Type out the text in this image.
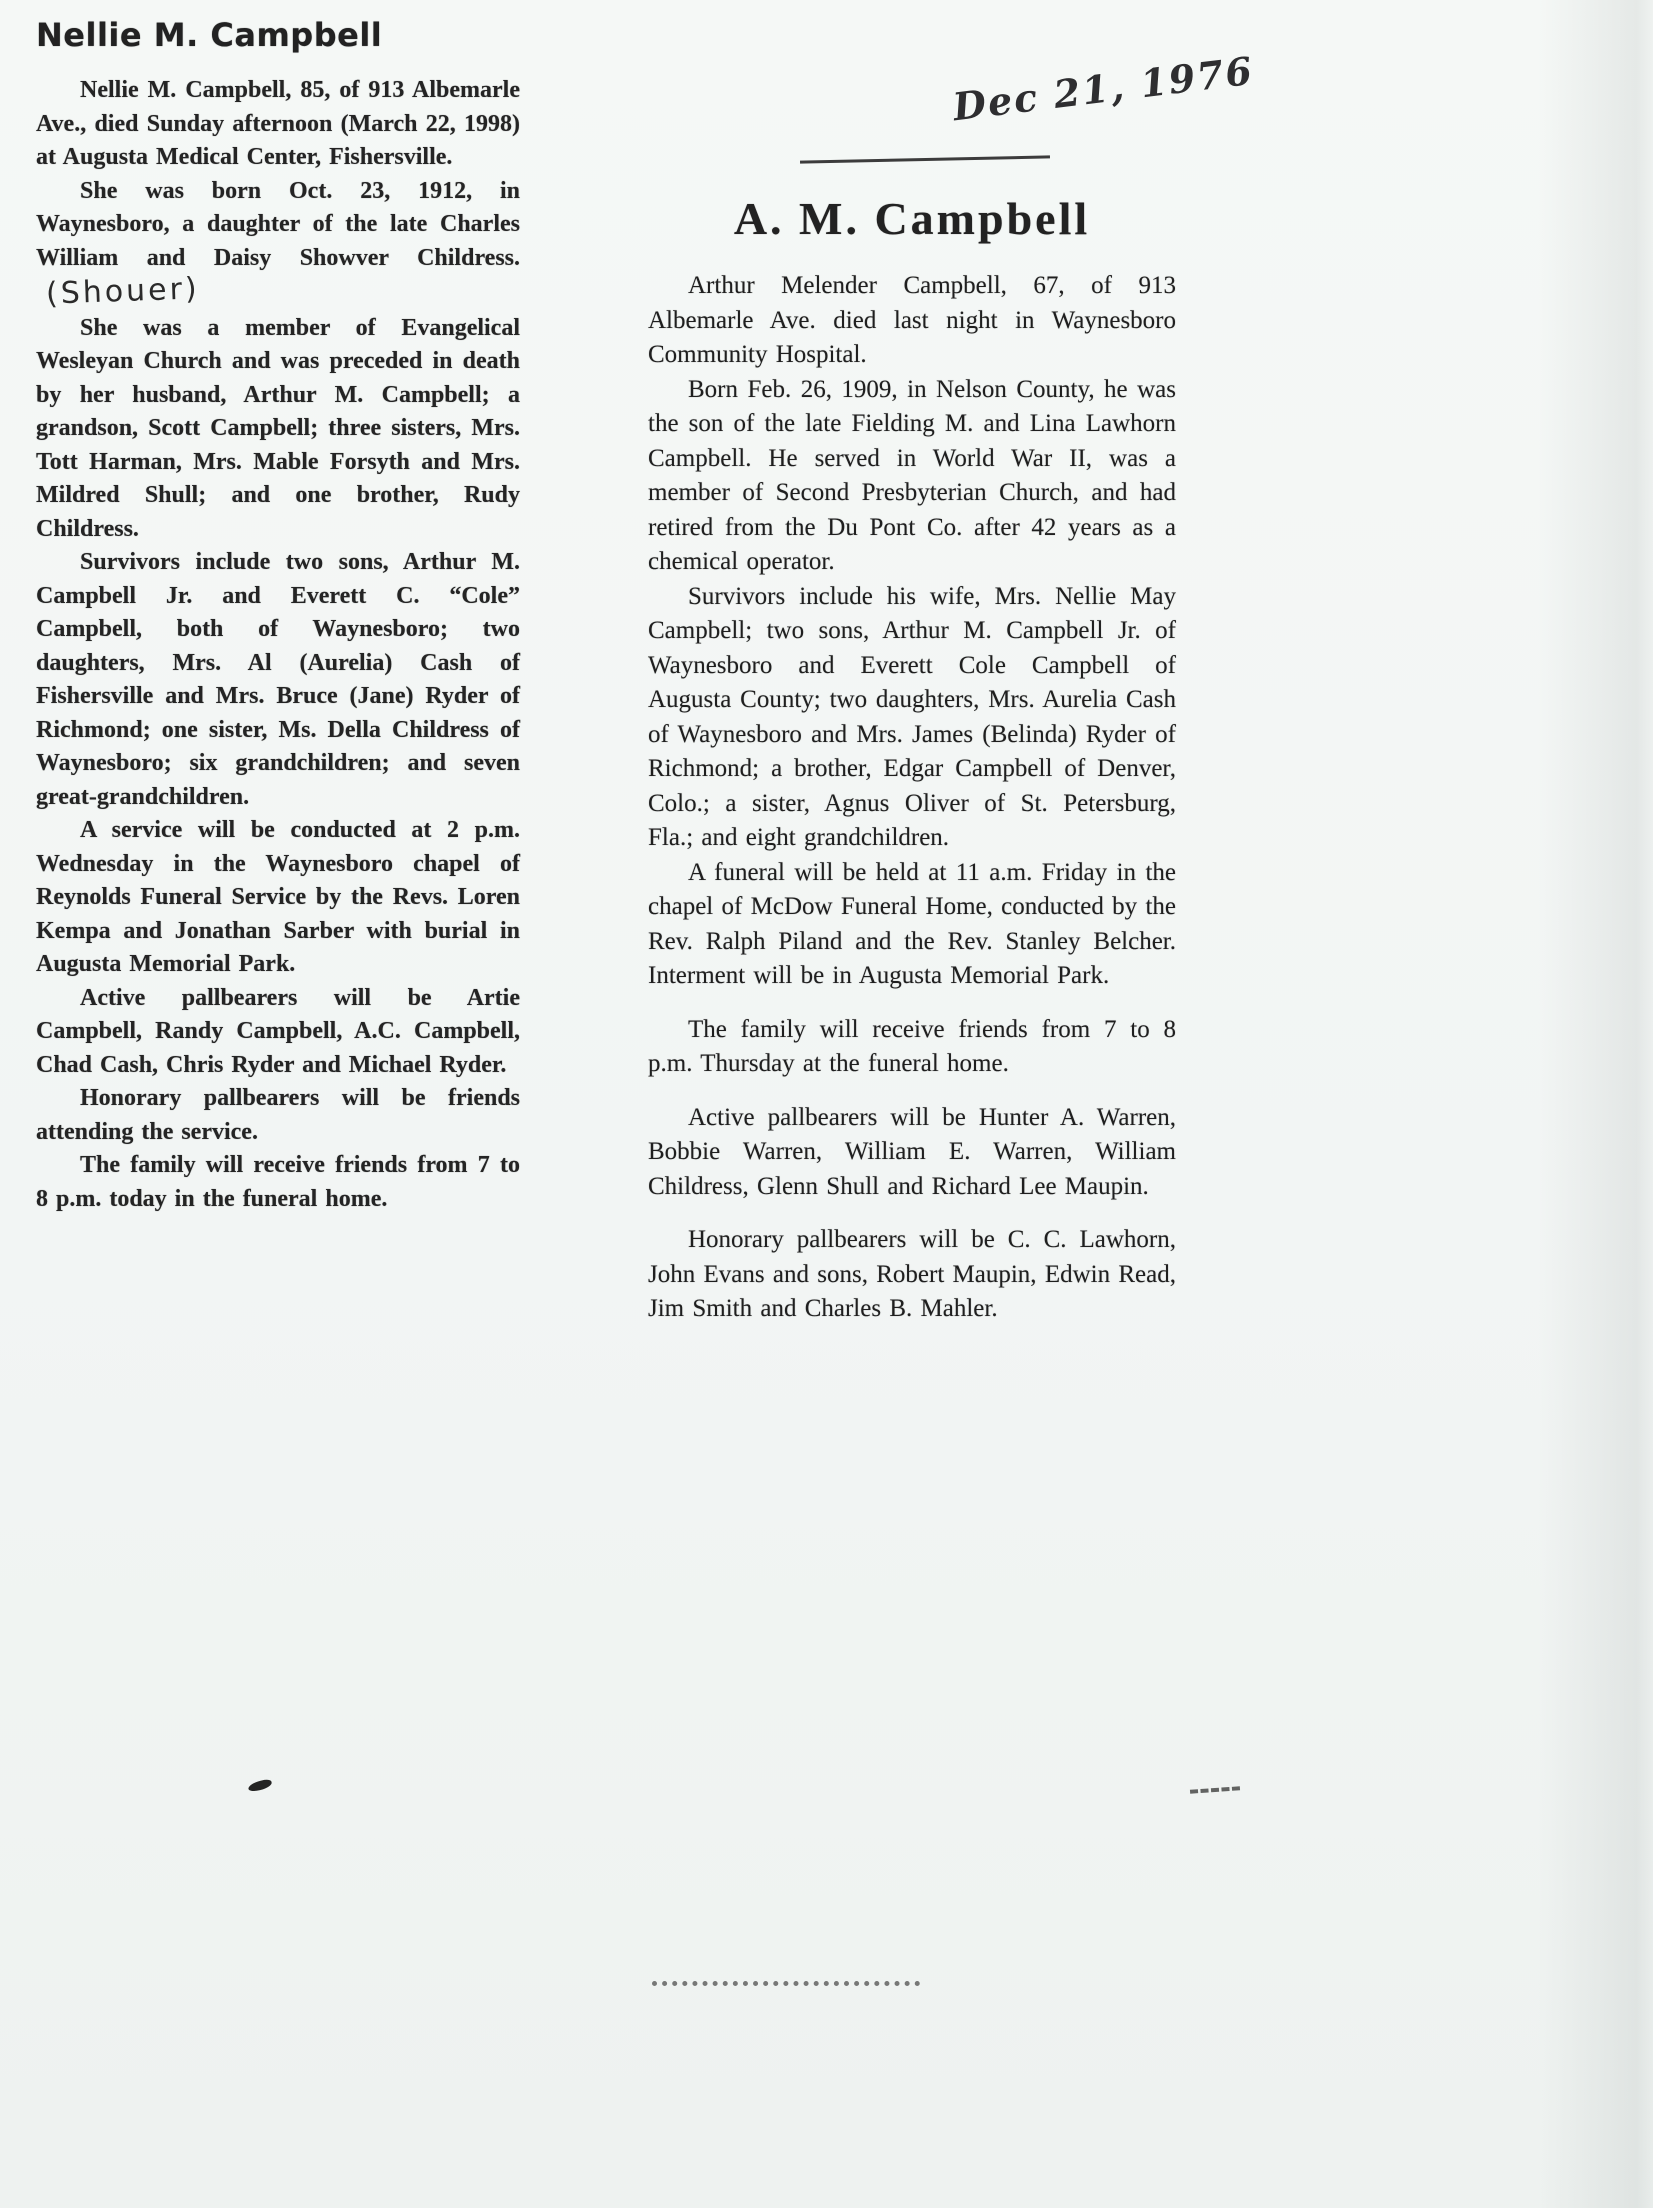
Nellie M. Campbell

Nellie M. Campbell, 85, of 913 Albemarle Ave., died Sunday afternoon (March 22, 1998) at Augusta Medical Center, Fishersville.

She was born Oct. 23, 1912, in Waynesboro, a daughter of the late Charles William and Daisy Showver Childress.(Shouer)

She was a member of Evangelical Wesleyan Church and was preceded in death by her husband, Arthur M. Campbell; a grandson, Scott Campbell; three sisters, Mrs. Tott Harman, Mrs. Mable Forsyth and Mrs. Mildred Shull; and one brother, Rudy Childress.

Survivors include two sons, Arthur M. Campbell Jr. and Everett C. “Cole” Campbell, both of Waynesboro; two daughters, Mrs. Al (Aurelia) Cash of Fishersville and Mrs. Bruce (Jane) Ryder of Richmond; one sister, Ms. Della Childress of Waynesboro; six grandchildren; and seven great-grandchildren.

A service will be conducted at 2 p.m. Wednesday in the Waynesboro chapel of Reynolds Funeral Service by the Revs. Loren Kempa and Jonathan Sarber with burial in Augusta Memorial Park.

Active pallbearers will be Artie Campbell, Randy Campbell, A.C. Campbell, Chad Cash, Chris Ryder and Michael Ryder.

Honorary pallbearers will be friends attending the service.

The family will receive friends from 7 to 8 p.m. today in the funeral home.

Dec 21, 1976
A. M. Campbell

Arthur Melender Campbell, 67, of 913 Albemarle Ave. died last night in Waynesboro Community Hospital.

Born Feb. 26, 1909, in Nelson County, he was the son of the late Fielding M. and Lina Lawhorn Campbell. He served in World War II, was a member of Second Presbyterian Church, and had retired from the Du Pont Co. after 42 years as a chemical operator.

Survivors include his wife, Mrs. Nellie May Campbell; two sons, Arthur M. Campbell Jr. of Waynesboro and Everett Cole Campbell of Augusta County; two daughters, Mrs. Aurelia Cash of Waynesboro and Mrs. James (Belinda) Ryder of Richmond; a brother, Edgar Campbell of Denver, Colo.; a sister, Agnus Oliver of St. Petersburg, Fla.; and eight grandchildren.

A funeral will be held at 11 a.m. Friday in the chapel of McDow Funeral Home, conducted by the Rev. Ralph Piland and the Rev. Stanley Belcher. Interment will be in Augusta Memorial Park.

The family will receive friends from 7 to 8 p.m. Thursday at the funeral home.

Active pallbearers will be Hunter A. Warren, Bobbie Warren, William E. Warren, William Childress, Glenn Shull and Richard Lee Maupin.

Honorary pallbearers will be C. C. Lawhorn, John Evans and sons, Robert Maupin, Edwin Read, Jim Smith and Charles B. Mahler.
